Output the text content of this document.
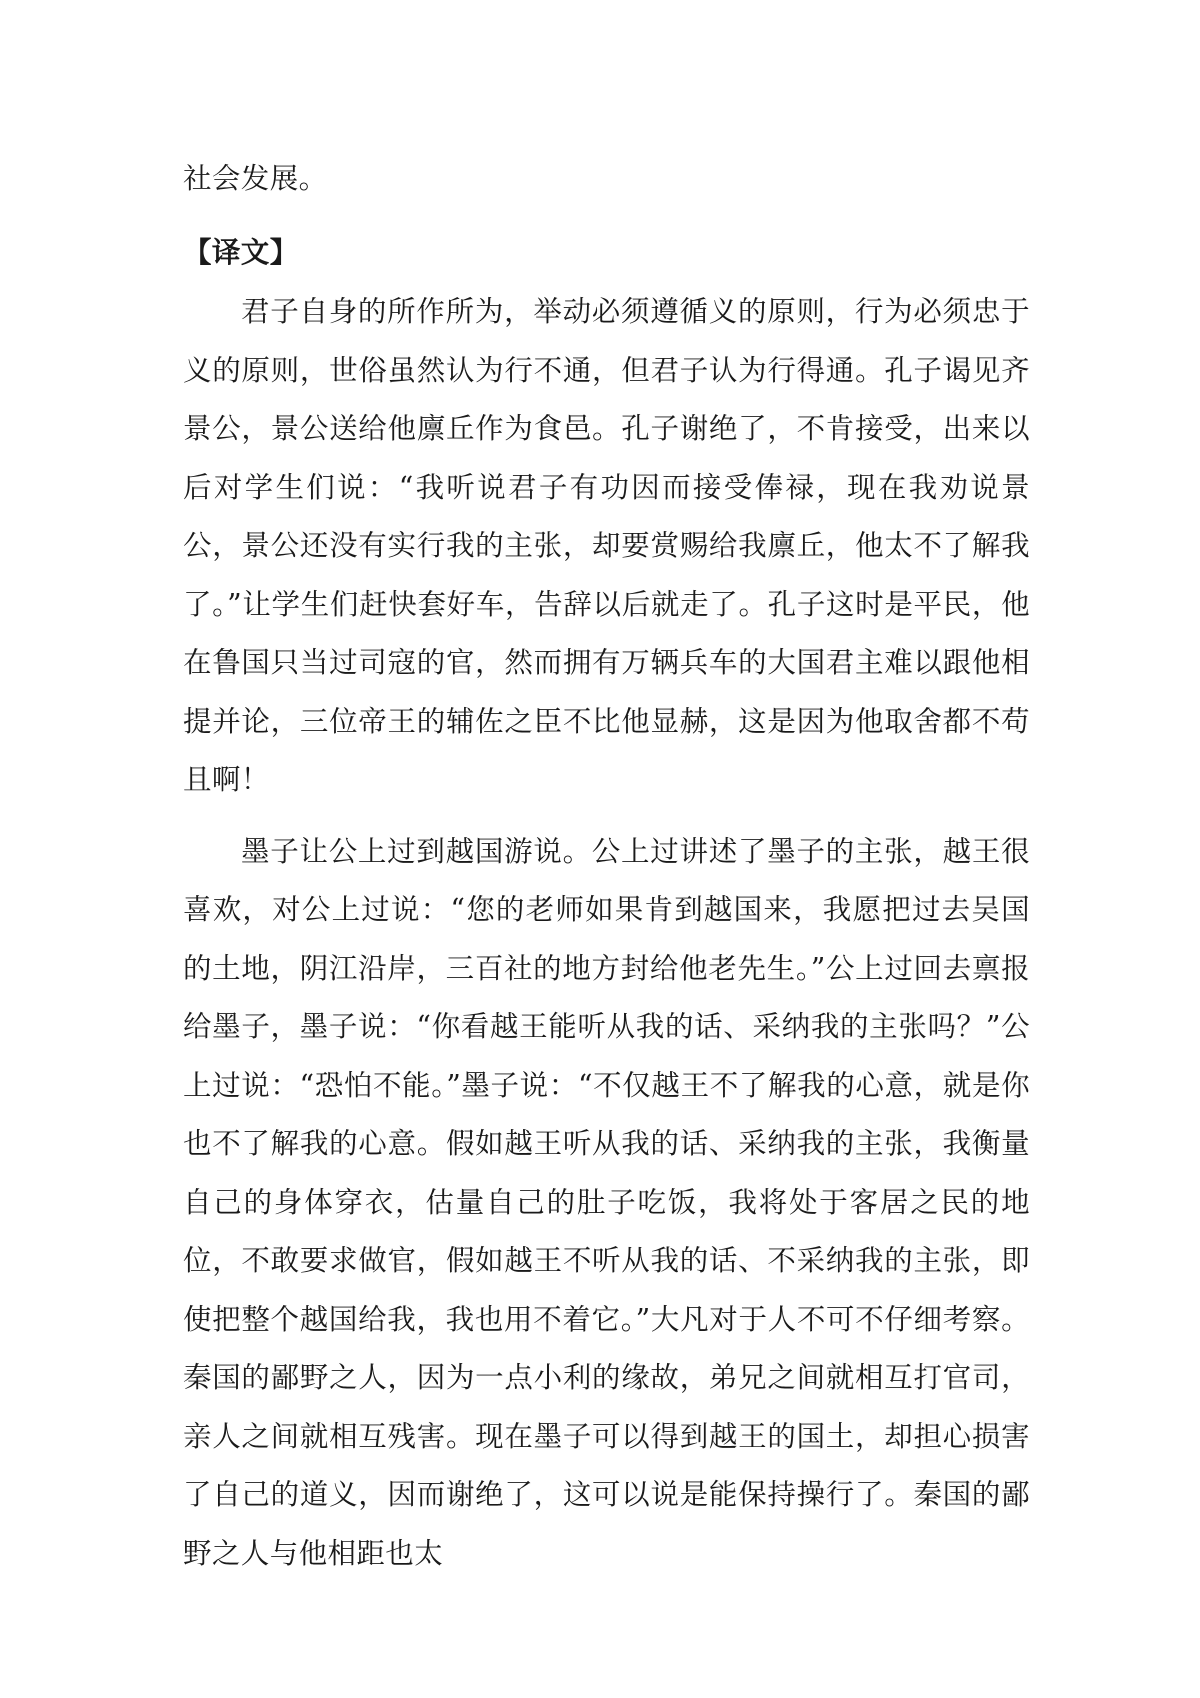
社会发展。

【译文】

君子自身的所作所为，举动必须遵循义的原则，行为必须忠于义的原则，世俗虽然认为行不通，但君子认为行得通。孔子谒见齐景公，景公送给他廪丘作为食邑。孔子谢绝了，不肯接受，出来以后对学生们说：“我听说君子有功因而接受俸禄，现在我劝说景公，景公还没有实行我的主张，却要赏赐给我廪丘，他太不了解我了。”让学生们赶快套好车，告辞以后就走了。孔子这时是平民，他在鲁国只当过司寇的官，然而拥有万辆兵车的大国君主难以跟他相提并论，三位帝王的辅佐之臣不比他显赫，这是因为他取舍都不苟且啊！

墨子让公上过到越国游说。公上过讲述了墨子的主张，越王很喜欢，对公上过说：“您的老师如果肯到越国来，我愿把过去吴国的土地，阴江沿岸，三百社的地方封给他老先生。”公上过回去禀报给墨子，墨子说：“你看越王能听从我的话、采纳我的主张吗？”公上过说：“恐怕不能。”墨子说：“不仅越王不了解我的心意，就是你也不了解我的心意。假如越王听从我的话、采纳我的主张，我衡量自己的身体穿衣，估量自己的肚子吃饭，我将处于客居之民的地位，不敢要求做官，假如越王不听从我的话、不采纳我的主张，即使把整个越国给我，我也用不着它。”大凡对于人不可不仔细考察。秦国的鄙野之人，因为一点小利的缘故，弟兄之间就相互打官司，亲人之间就相互残害。现在墨子可以得到越王的国土，却担心损害了自己的道义，因而谢绝了，这可以说是能保持操行了。秦国的鄙野之人与他相距也太
